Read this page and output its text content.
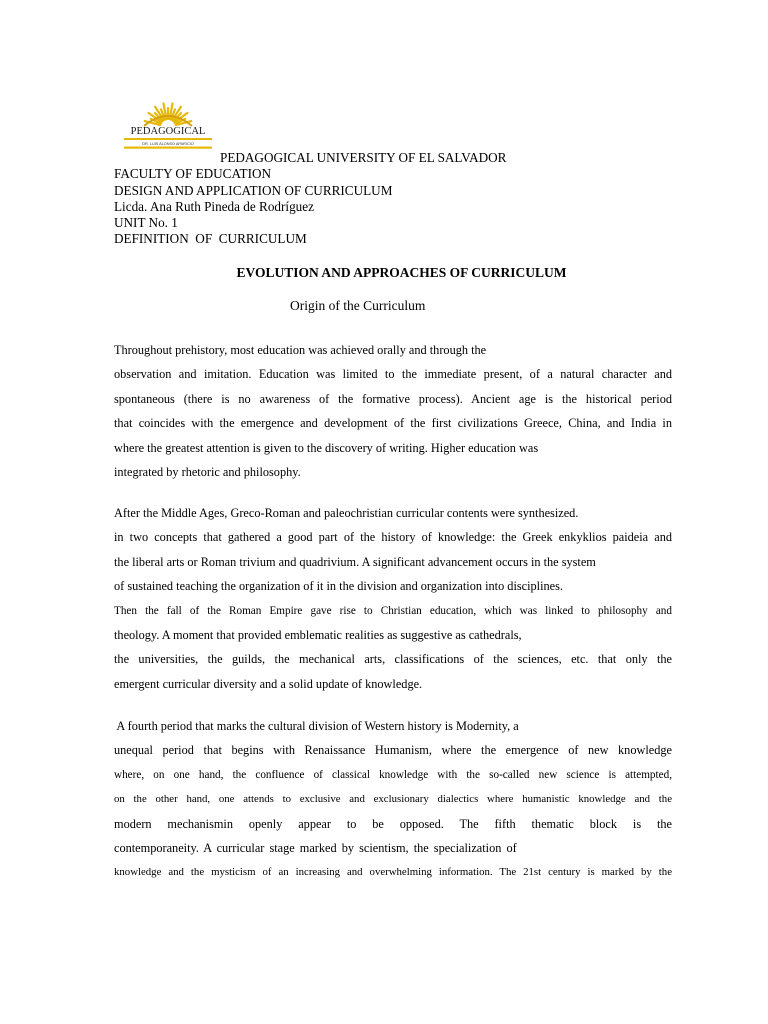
PEDAGOGICAL
DR. LUIS ALONSO APARICIO
PEDAGOGICAL UNIVERSITY OF EL SALVADOR
FACULTY OF EDUCATION
DESIGN AND APPLICATION OF CURRICULUM
Licda. Ana Ruth Pineda de Rodríguez
UNIT No. 1
DEFINITION  OF  CURRICULUM
EVOLUTION AND APPROACHES OF CURRICULUM
Origin of the Curriculum
Throughout prehistory, most education was achieved orally and through the
observation and imitation. Education was limited to the immediate present, of a natural character and
spontaneous (there is no awareness of the formative process). Ancient age is the historical period
that coincides with the emergence and development of the first civilizations Greece, China, and India in
where the greatest attention is given to the discovery of writing. Higher education was
integrated by rhetoric and philosophy.
After the Middle Ages, Greco-Roman and paleochristian curricular contents were synthesized.
in two concepts that gathered a good part of the history of knowledge: the Greek enkyklios paideia and
the liberal arts or Roman trivium and quadrivium. A significant advancement occurs in the system
of sustained teaching the organization of it in the division and organization into disciplines.
Then the fall of the Roman Empire gave rise to Christian education, which was linked to philosophy and
theology. A moment that provided emblematic realities as suggestive as cathedrals,
the universities, the guilds, the mechanical arts, classifications of the sciences, etc. that only the
emergent curricular diversity and a solid update of knowledge.
A fourth period that marks the cultural division of Western history is Modernity, a
unequal period that begins with Renaissance Humanism, where the emergence of new knowledge
where, on one hand, the confluence of classical knowledge with the so-called new science is attempted,
on the other hand, one attends to exclusive and exclusionary dialectics where humanistic knowledge and the
modern mechanismin openly appear to be opposed. The fifth thematic block is the
contemporaneity. A curricular stage marked by scientism, the specialization of
knowledge and the mysticism of an increasing and overwhelming information. The 21st century is marked by the
